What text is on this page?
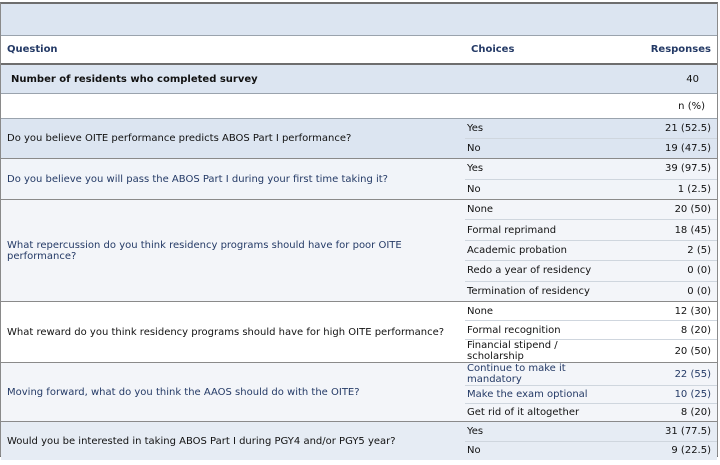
Question	Choices	Responses
Number of residents who completed survey	40
n (%)
Do you believe OITE performance predicts ABOS Part I performance?
Yes	21 (52.5)
No	19 (47.5)
Do you believe you will pass the ABOS Part I during your first time taking it?
Yes	39 (97.5)
No	1 (2.5)
What repercussion do you think residency programs should have for poor OITE performance?
None	20 (50)
Formal reprimand	18 (45)
Academic probation	2 (5)
Redo a year of residency	0 (0)
Termination of residency	0 (0)
What reward do you think residency programs should have for high OITE performance?
None	12 (30)
Formal recognition	8 (20)
Financial stipend / scholarship	20 (50)
Moving forward, what do you think the AAOS should do with the OITE?
Continue to make it mandatory	22 (55)
Make the exam optional	10 (25)
Get rid of it altogether	8 (20)
Would you be interested in taking ABOS Part I during PGY4 and/or PGY5 year?
Yes	31 (77.5)
No	9 (22.5)
